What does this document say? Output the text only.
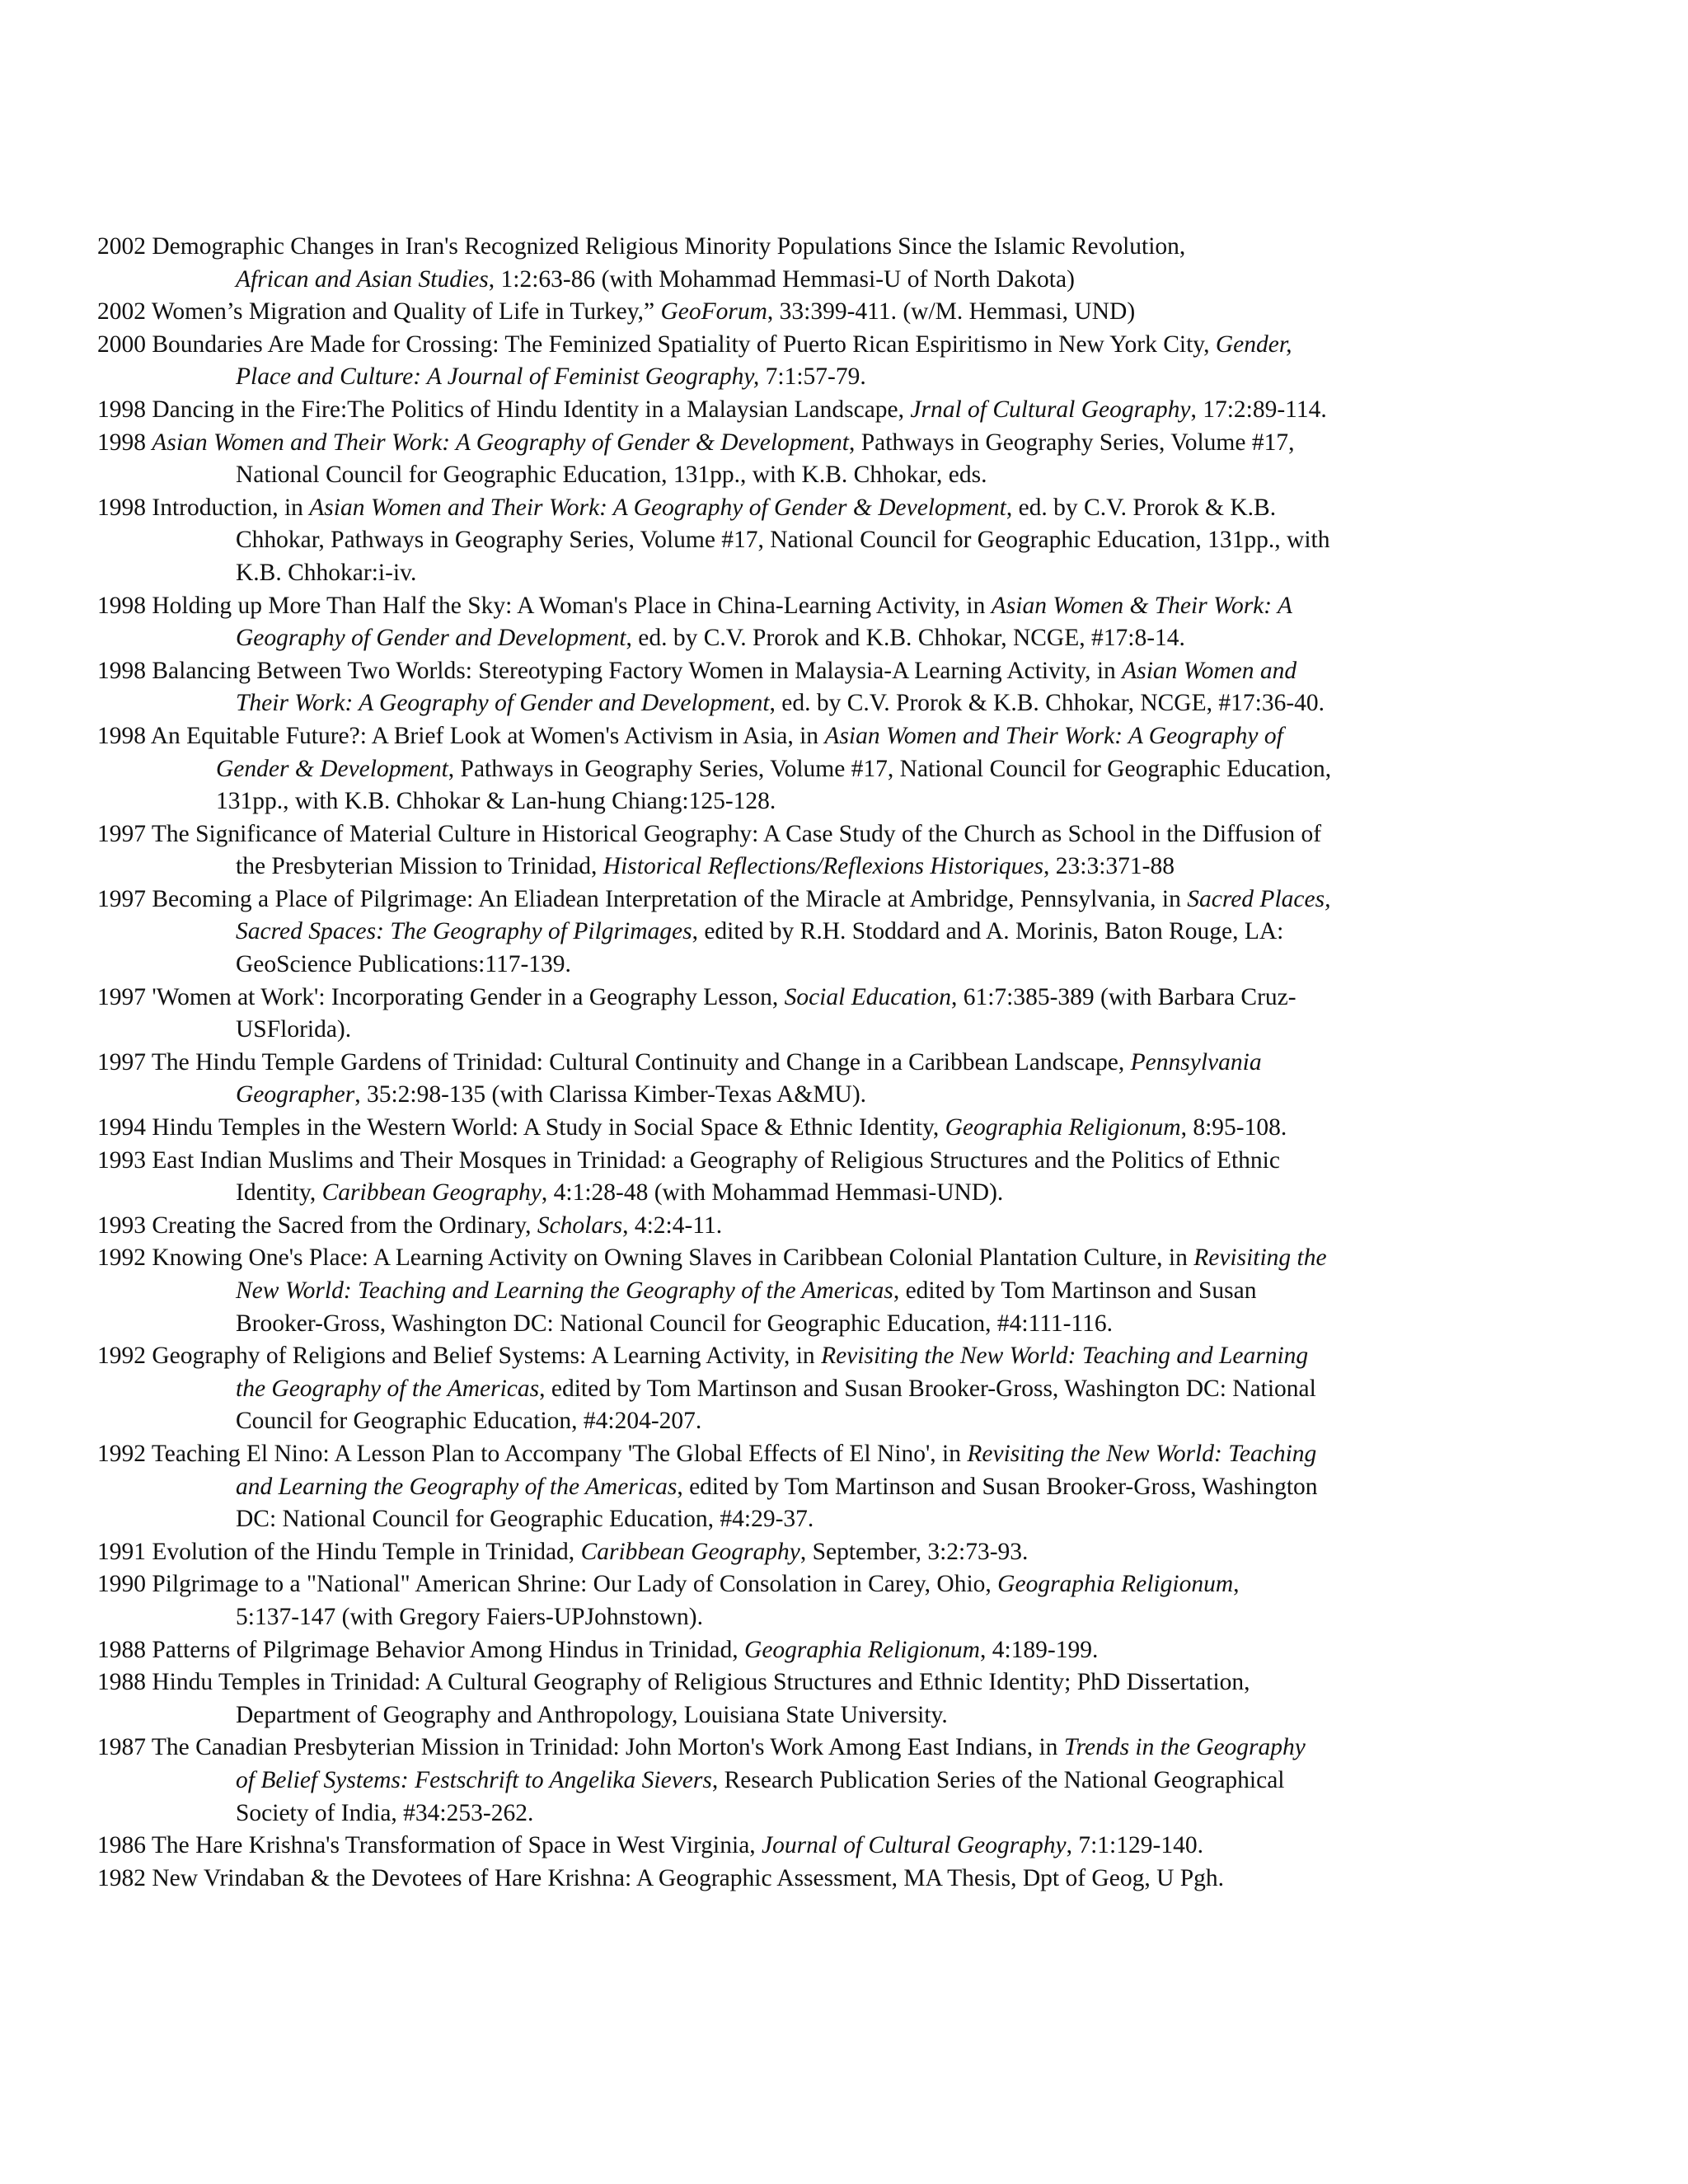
2002 Demographic Changes in Iran's Recognized Religious Minority Populations Since the Islamic Revolution,
African and Asian Studies, 1:2:63-86 (with Mohammad Hemmasi-U of North Dakota)
2002 Women’s Migration and Quality of Life in Turkey,” GeoForum, 33:399-411. (w/M. Hemmasi, UND)
2000 Boundaries Are Made for Crossing: The Feminized Spatiality of Puerto Rican Espiritismo in New York City, Gender,
Place and Culture: A Journal of Feminist Geography, 7:1:57-79.
1998 Dancing in the Fire:The Politics of Hindu Identity in a Malaysian Landscape, Jrnal of Cultural Geography, 17:2:89-114.
1998 Asian Women and Their Work: A Geography of Gender & Development, Pathways in Geography Series, Volume #17,
National Council for Geographic Education, 131pp., with K.B. Chhokar, eds.
1998 Introduction, in Asian Women and Their Work: A Geography of Gender & Development, ed. by C.V. Prorok & K.B.
Chhokar, Pathways in Geography Series, Volume #17, National Council for Geographic Education, 131pp., with
K.B. Chhokar:i-iv.
1998 Holding up More Than Half the Sky: A Woman's Place in China-Learning Activity, in Asian Women & Their Work: A
Geography of Gender and Development, ed. by C.V. Prorok and K.B. Chhokar, NCGE, #17:8-14.
1998 Balancing Between Two Worlds: Stereotyping Factory Women in Malaysia-A Learning Activity, in Asian Women and
Their Work: A Geography of Gender and Development, ed. by C.V. Prorok & K.B. Chhokar, NCGE, #17:36-40.
1998 An Equitable Future?: A Brief Look at Women's Activism in Asia, in Asian Women and Their Work: A Geography of
Gender & Development, Pathways in Geography Series, Volume #17, National Council for Geographic Education,
131pp., with K.B. Chhokar & Lan-hung Chiang:125-128.
1997 The Significance of Material Culture in Historical Geography: A Case Study of the Church as School in the Diffusion of
the Presbyterian Mission to Trinidad, Historical Reflections/Reflexions Historiques, 23:3:371-88
1997 Becoming a Place of Pilgrimage: An Eliadean Interpretation of the Miracle at Ambridge, Pennsylvania, in Sacred Places,
Sacred Spaces: The Geography of Pilgrimages, edited by R.H. Stoddard and A. Morinis, Baton Rouge, LA:
GeoScience Publications:117-139.
1997 'Women at Work': Incorporating Gender in a Geography Lesson, Social Education, 61:7:385-389 (with Barbara Cruz-
USFlorida).
1997 The Hindu Temple Gardens of Trinidad: Cultural Continuity and Change in a Caribbean Landscape, Pennsylvania
Geographer, 35:2:98-135 (with Clarissa Kimber-Texas A&MU).
1994 Hindu Temples in the Western World: A Study in Social Space & Ethnic Identity, Geographia Religionum, 8:95-108.
1993 East Indian Muslims and Their Mosques in Trinidad: a Geography of Religious Structures and the Politics of Ethnic
Identity, Caribbean Geography, 4:1:28-48 (with Mohammad Hemmasi-UND).
1993 Creating the Sacred from the Ordinary, Scholars, 4:2:4-11.
1992 Knowing One's Place: A Learning Activity on Owning Slaves in Caribbean Colonial Plantation Culture, in Revisiting the
New World: Teaching and Learning the Geography of the Americas, edited by Tom Martinson and Susan
Brooker-Gross, Washington DC: National Council for Geographic Education, #4:111-116.
1992 Geography of Religions and Belief Systems: A Learning Activity, in Revisiting the New World: Teaching and Learning
the Geography of the Americas, edited by Tom Martinson and Susan Brooker-Gross, Washington DC: National
Council for Geographic Education, #4:204-207.
1992 Teaching El Nino: A Lesson Plan to Accompany 'The Global Effects of El Nino', in Revisiting the New World: Teaching
and Learning the Geography of the Americas, edited by Tom Martinson and Susan Brooker-Gross, Washington
DC: National Council for Geographic Education, #4:29-37.
1991 Evolution of the Hindu Temple in Trinidad, Caribbean Geography, September, 3:2:73-93.
1990 Pilgrimage to a "National" American Shrine: Our Lady of Consolation in Carey, Ohio, Geographia Religionum,
5:137-147 (with Gregory Faiers-UPJohnstown).
1988 Patterns of Pilgrimage Behavior Among Hindus in Trinidad, Geographia Religionum, 4:189-199.
1988 Hindu Temples in Trinidad: A Cultural Geography of Religious Structures and Ethnic Identity; PhD Dissertation,
Department of Geography and Anthropology, Louisiana State University.
1987 The Canadian Presbyterian Mission in Trinidad: John Morton's Work Among East Indians, in Trends in the Geography
of Belief Systems: Festschrift to Angelika Sievers, Research Publication Series of the National Geographical
Society of India, #34:253-262.
1986 The Hare Krishna's Transformation of Space in West Virginia, Journal of Cultural Geography, 7:1:129-140.
1982 New Vrindaban & the Devotees of Hare Krishna: A Geographic Assessment, MA Thesis, Dpt of Geog, U Pgh.
